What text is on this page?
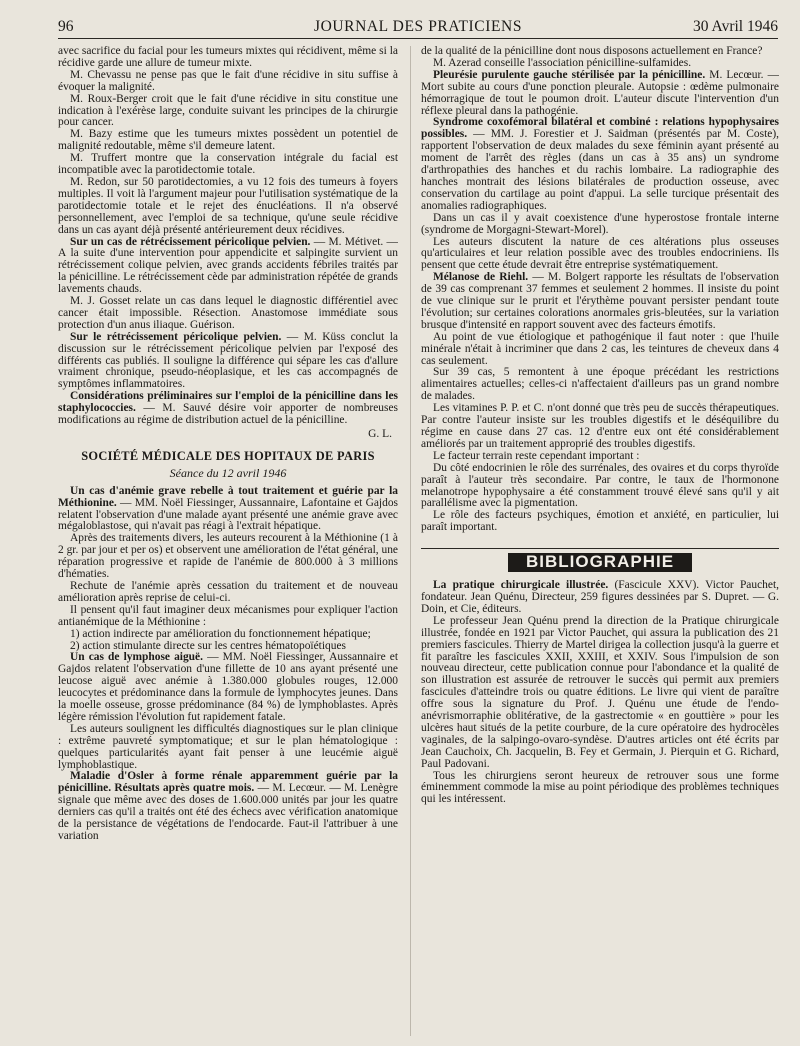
96	JOURNAL DES PRATICIENS	30 Avril 1946

avec sacrifice du facial pour les tumeurs mixtes qui récidivent, même si la récidive garde une allure de tumeur mixte.

M. Chevassu ne pense pas que le fait d'une récidive in situ suffise à évoquer la malignité.

M. Roux-Berger croit que le fait d'une récidive in situ constitue une indication à l'exérèse large, conduite suivant les principes de la chirurgie pour cancer.

M. Bazy estime que les tumeurs mixtes possèdent un potentiel de malignité redoutable, même s'il demeure latent.

M. Truffert montre que la conservation intégrale du facial est incompatible avec la parotidectomie totale.

M. Redon, sur 50 parotidectomies, a vu 12 fois des tumeurs à foyers multiples. Il voit là l'argument majeur pour l'utilisation systématique de la parotidectomie totale et le rejet des énucléations. Il n'a observé personnellement, avec l'emploi de sa technique, qu'une seule récidive dans un cas ayant déjà présenté antérieurement deux récidives.

Sur un cas de rétrécissement péricolique pelvien. — M. Métivet. — A la suite d'une intervention pour appendicite et salpingite survient un rétrécissement colique pelvien, avec grands accidents fébriles traités par la pénicilline. Le rétrécissement cède par administration répétée de grands lavements chauds.

M. J. Gosset relate un cas dans lequel le diagnostic différentiel avec cancer était impossible. Résection. Anastomose immédiate sous protection d'un anus iliaque. Guérison.

Sur le rétrécissement péricolique pelvien. — M. Küss conclut la discussion sur le rétrécissement péricolique pelvien par l'exposé des différents cas publiés. Il souligne la différence qui sépare les cas d'allure vraiment chronique, pseudo-néoplasique, et les cas accompagnés de symptômes inflammatoires.

Considérations préliminaires sur l'emploi de la pénicilline dans les staphylococcies. — M. Sauvé désire voir apporter de nombreuses modifications au régime de distribution actuel de la pénicilline.

G. L.

SOCIÉTÉ MÉDICALE DES HOPITAUX DE PARIS
Séance du 12 avril 1946

Un cas d'anémie grave rebelle à tout traitement et guérie par la Méthionine. — MM. Noël Fiessinger, Aussannaire, Lafontaine et Gajdos relatent l'observation d'une malade ayant présenté une anémie grave avec mégaloblastose, qui n'avait pas réagi à l'extrait hépatique.

Après des traitements divers, les auteurs recourent à la Méthionine (1 à 2 gr. par jour et per os) et observent une amélioration de l'état général, une réparation progressive et rapide de l'anémie de 800.000 à 3 millions d'hématies.

Rechute de l'anémie après cessation du traitement et de nouveau amélioration après reprise de celui-ci.

Il pensent qu'il faut imaginer deux mécanismes pour expliquer l'action antianémique de la Méthionine :

1) action indirecte par amélioration du fonctionnement hépatique;

2) action stimulante directe sur les centres hématopoïétiques

Un cas de lymphose aiguë. — MM. Noël Fiessinger, Aussannaire et Gajdos relatent l'observation d'une fillette de 10 ans ayant présenté une leucose aiguë avec anémie à 1.380.000 globules rouges, 12.000 leucocytes et prédominance dans la formule de lymphocytes jeunes. Dans la moelle osseuse, grosse prédominance (84 %) de lymphoblastes. Après légère rémission l'évolution fut rapidement fatale.

Les auteurs soulignent les difficultés diagnostiques sur le plan clinique : extrême pauvreté symptomatique; et sur le plan hématologique : quelques particularités ayant fait penser à une leucémie aiguë lymphoblastique.

Maladie d'Osler à forme rénale apparemment guérie par la pénicilline. Résultats après quatre mois. — M. Lecœur. — M. Lenègre signale que même avec des doses de 1.600.000 unités par jour les quatre derniers cas qu'il a traités ont été des échecs avec vérification anatomique de la persistance de végétations de l'endocarde. Faut-il l'attribuer à une variation

de la qualité de la pénicilline dont nous disposons actuellement en France?

M. Azerad conseille l'association pénicilline-sulfamides.

Pleurésie purulente gauche stérilisée par la pénicilline. M. Lecœur. — Mort subite au cours d'une ponction pleurale. Autopsie : œdème pulmonaire hémorragique de tout le poumon droit. L'auteur discute l'intervention d'un réflexe pleural dans la pathogénie.

Syndrome coxofémoral bilatéral et combiné : relations hypophysaires possibles. — MM. J. Forestier et J. Saidman (présentés par M. Coste), rapportent l'observation de deux malades du sexe féminin ayant présenté au moment de l'arrêt des règles (dans un cas à 35 ans) un syndrome d'arthropathies des hanches et du rachis lombaire. La radiographie des hanches montrait des lésions bilatérales de production osseuse, avec conservation du cartilage au point d'appui. La selle turcique présentait des anomalies radiographiques.

Dans un cas il y avait coexistence d'une hyperostose frontale interne (syndrome de Morgagni-Stewart-Morel).

Les auteurs discutent la nature de ces altérations plus osseuses qu'articulaires et leur relation possible avec des troubles endocriniens. Ils pensent que cette étude devrait être entreprise systématiquement.

Mélanose de Riehl. — M. Bolgert rapporte les résultats de l'observation de 39 cas comprenant 37 femmes et seulement 2 hommes. Il insiste du point de vue clinique sur le prurit et l'érythème pouvant persister pendant toute l'évolution; sur certaines colorations anormales gris-bleutées, sur la variation brusque d'intensité en rapport souvent avec des facteurs émotifs.

Au point de vue étiologique et pathogénique il faut noter : que l'huile minérale n'était à incriminer que dans 2 cas, les teintures de cheveux dans 4 cas seulement.

Sur 39 cas, 5 remontent à une époque précédant les restrictions alimentaires actuelles; celles-ci n'affectaient d'ailleurs pas un grand nombre de malades.

Les vitamines P. P. et C. n'ont donné que très peu de succès thérapeutiques. Par contre l'auteur insiste sur les troubles digestifs et le déséquilibre du régime en cause dans 27 cas. 12 d'entre eux ont été considérablement améliorés par un traitement approprié des troubles digestifs.

Le facteur terrain reste cependant important :

Du côté endocrinien le rôle des surrénales, des ovaires et du corps thyroïde paraît à l'auteur très secondaire. Par contre, le taux de l'hormonone melanotrope hypophysaire a été constamment trouvé élevé sans qu'il y ait parallélisme avec la pigmentation.

Le rôle des facteurs psychiques, émotion et anxiété, en particulier, lui paraît important.

BIBLIOGRAPHIE

La pratique chirurgicale illustrée. (Fascicule XXV). Victor Pauchet, fondateur. Jean Quénu, Directeur, 259 figures dessinées par S. Dupret. — G. Doin, et Cie, éditeurs.

Le professeur Jean Quénu prend la direction de la Pratique chirurgicale illustrée, fondée en 1921 par Victor Pauchet, qui assura la publication des 21 premiers fascicules. Thierry de Martel dirigea la collection jusqu'à la guerre et fit paraître les fascicules XXII, XXIII, et XXIV. Sous l'impulsion de son nouveau directeur, cette publication connue pour l'abondance et la qualité de son illustration est assurée de retrouver le succès qui permit aux premiers fascicules d'atteindre trois ou quatre éditions. Le livre qui vient de paraître offre sous la signature du Prof. J. Quénu une étude de l'endo-anévrismorraphie oblitérative, de la gastrectomie « en gouttière » pour les ulcères haut situés de la petite courbure, de la cure opératoire des hydrocèles vaginales, de la salpingo-ovaro-syndèse. D'autres articles ont été écrits par Jean Cauchoix, Ch. Jacquelin, B. Fey et Germain, J. Pierquin et G. Richard, Paul Padovani.

Tous les chirurgiens seront heureux de retrouver sous une forme éminemment commode la mise au point périodique des problèmes techniques qui les intéressent.
